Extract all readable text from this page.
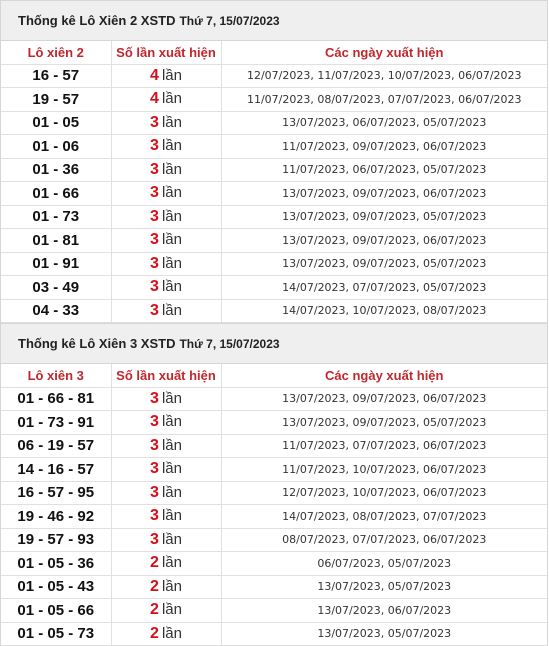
Thống kê Lô Xiên 2 XSTD Thứ 7, 15/07/2023
Lô xiên 2	Số lần xuất hiện	Các ngày xuất hiện
16 - 57	4 lần	12/07/2023, 11/07/2023, 10/07/2023, 06/07/2023
19 - 57	4 lần	11/07/2023, 08/07/2023, 07/07/2023, 06/07/2023
01 - 05	3 lần	13/07/2023, 06/07/2023, 05/07/2023
01 - 06	3 lần	11/07/2023, 09/07/2023, 06/07/2023
01 - 36	3 lần	11/07/2023, 06/07/2023, 05/07/2023
01 - 66	3 lần	13/07/2023, 09/07/2023, 06/07/2023
01 - 73	3 lần	13/07/2023, 09/07/2023, 05/07/2023
01 - 81	3 lần	13/07/2023, 09/07/2023, 06/07/2023
01 - 91	3 lần	13/07/2023, 09/07/2023, 05/07/2023
03 - 49	3 lần	14/07/2023, 07/07/2023, 05/07/2023
04 - 33	3 lần	14/07/2023, 10/07/2023, 08/07/2023
Thống kê Lô Xiên 3 XSTD Thứ 7, 15/07/2023
Lô xiên 3	Số lần xuất hiện	Các ngày xuất hiện
01 - 66 - 81	3 lần	13/07/2023, 09/07/2023, 06/07/2023
01 - 73 - 91	3 lần	13/07/2023, 09/07/2023, 05/07/2023
06 - 19 - 57	3 lần	11/07/2023, 07/07/2023, 06/07/2023
14 - 16 - 57	3 lần	11/07/2023, 10/07/2023, 06/07/2023
16 - 57 - 95	3 lần	12/07/2023, 10/07/2023, 06/07/2023
19 - 46 - 92	3 lần	14/07/2023, 08/07/2023, 07/07/2023
19 - 57 - 93	3 lần	08/07/2023, 07/07/2023, 06/07/2023
01 - 05 - 36	2 lần	06/07/2023, 05/07/2023
01 - 05 - 43	2 lần	13/07/2023, 05/07/2023
01 - 05 - 66	2 lần	13/07/2023, 06/07/2023
01 - 05 - 73	2 lần	13/07/2023, 05/07/2023
